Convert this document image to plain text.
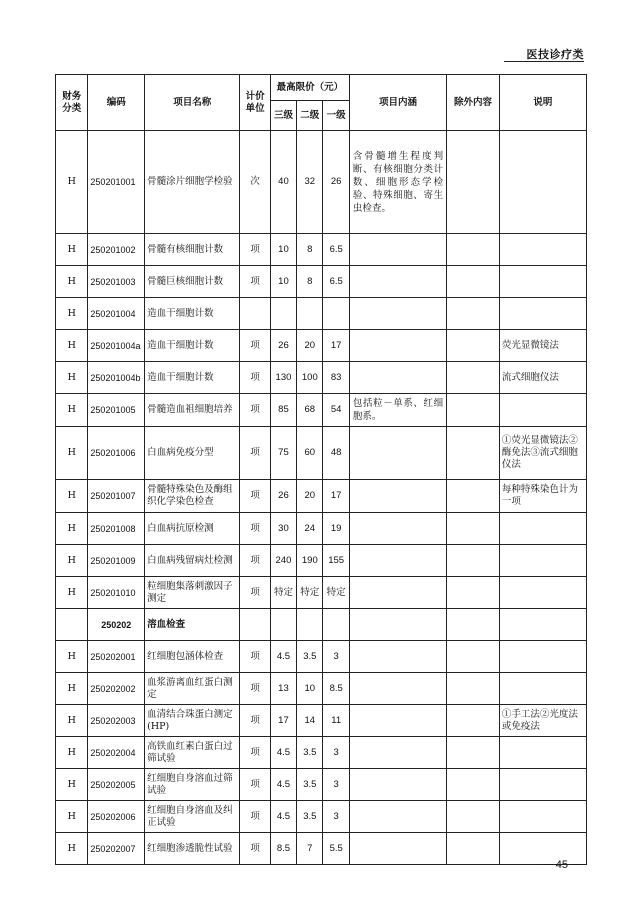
医技诊疗类
财务分类	编码	项目名称	计价单位	最高限价（元）			项目内涵	除外内容	说明
				三级	二级	一级			
H	250201001	骨髓涂片细胞学检验	次	40	32	26	含骨髓增生程度判断、有核细胞分类计数、细胞形态学检验、特殊细胞、寄生虫检查。		
H	250201002	骨髓有核细胞计数	项	10	8	6.5			
H	250201003	骨髓巨核细胞计数	项	10	8	6.5			
H	250201004	造血干细胞计数							
H	250201004a	造血干细胞计数	项	26	20	17			荧光显微镜法
H	250201004b	造血干细胞计数	项	130	100	83			流式细胞仪法
H	250201005	骨髓造血祖细胞培养	项	85	68	54	包括粒－单系、红细胞系。		
H	250201006	白血病免疫分型	项	75	60	48			①荧光显微镜法②酶免法③流式细胞仪法
H	250201007	骨髓特殊染色及酶组织化学染色检查	项	26	20	17			每种特殊染色计为一项
H	250201008	白血病抗原检测	项	30	24	19			
H	250201009	白血病残留病灶检测	项	240	190	155			
H	250201010	粒细胞集落刺激因子测定	项	特定	特定	特定			
	250202	溶血检查							
H	250202001	红细胞包涵体检查	项	4.5	3.5	3			
H	250202002	血浆游离血红蛋白测定	项	13	10	8.5			
H	250202003	血清结合珠蛋白测定(HP)	项	17	14	11			①手工法②光度法或免疫法
H	250202004	高铁血红素白蛋白过筛试验	项	4.5	3.5	3			
H	250202005	红细胞自身溶血过筛试验	项	4.5	3.5	3			
H	250202006	红细胞自身溶血及纠正试验	项	4.5	3.5	3			
H	250202007	红细胞渗透脆性试验	项	8.5	7	5.5			
－ 45 －
